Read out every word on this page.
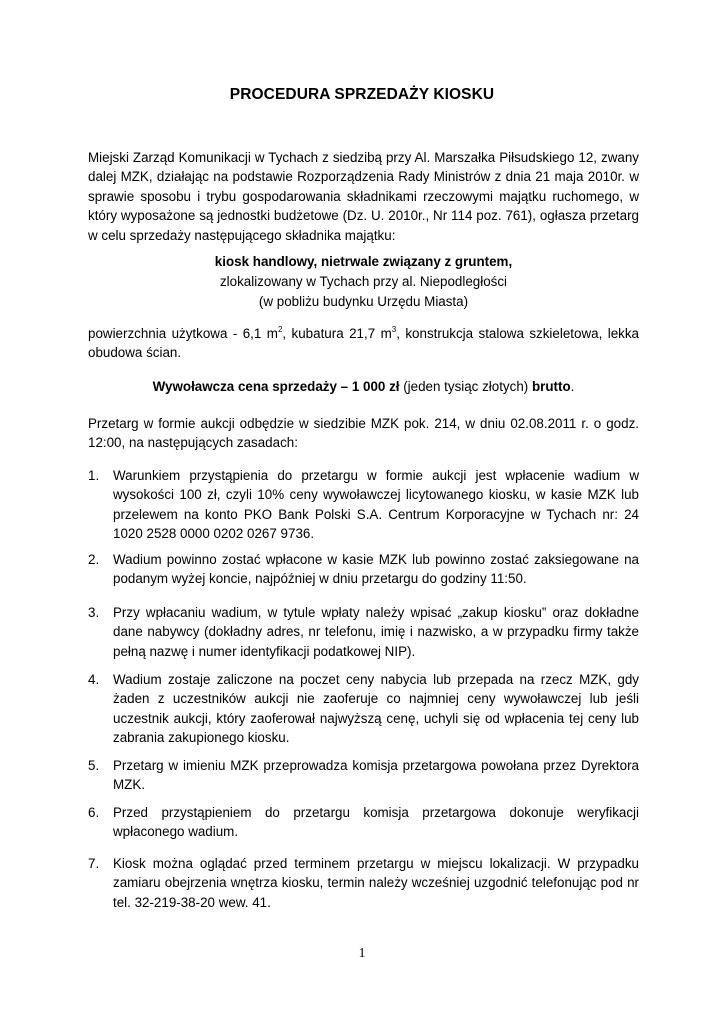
PROCEDURA SPRZEDAŻY KIOSKU

Miejski Zarząd Komunikacji w Tychach z siedzibą przy Al. Marszałka Piłsudskiego 12, zwany dalej MZK, działając na podstawie Rozporządzenia Rady Ministrów z dnia 21 maja 2010r. w sprawie sposobu i trybu gospodarowania składnikami rzeczowymi majątku ruchomego, w który wyposażone są jednostki budżetowe (Dz. U. 2010r., Nr 114 poz. 761), ogłasza przetarg w celu sprzedaży następującego składnika majątku:

kiosk handlowy, nietrwale związany z gruntem,
zlokalizowany w Tychach przy al. Niepodległości
(w pobliżu budynku Urzędu Miasta)

powierzchnia użytkowa - 6,1 $m^2$, kubatura 21,7 $m^3$, konstrukcja stalowa szkieletowa, lekka obudowa ścian.

Wywoławcza cena sprzedaży – 1 000 zł (jeden tysiąc złotych) brutto.

Przetarg w formie aukcji odbędzie w siedzibie MZK pok. 214, w dniu 02.08.2011 r. o godz. 12:00, na następujących zasadach:

1.	Warunkiem przystąpienia do przetargu w formie aukcji jest wpłacenie wadium w wysokości 100 zł, czyli 10% ceny wywoławczej licytowanego kiosku, w kasie MZK lub przelewem na konto PKO Bank Polski S.A. Centrum Korporacyjne w Tychach nr: 24 1020 2528 0000 0202 0267 9736.
2.	Wadium powinno zostać wpłacone w kasie MZK lub powinno zostać zaksiegowane na podanym wyżej koncie, najpóźniej w dniu przetargu do godziny 11:50.
3.	Przy wpłacaniu wadium, w tytule wpłaty należy wpisać „zakup kiosku” oraz dokładne dane nabywcy (dokładny adres, nr telefonu, imię i nazwisko, a w przypadku firmy także pełną nazwę i numer identyfikacji podatkowej NIP).
4.	Wadium zostaje zaliczone na poczet ceny nabycia lub przepada na rzecz MZK, gdy żaden z uczestników aukcji nie zaoferuje co najmniej ceny wywoławczej lub jeśli uczestnik aukcji, który zaoferował najwyższą cenę, uchyli się od wpłacenia tej ceny lub zabrania zakupionego kiosku.
5.	Przetarg w imieniu MZK przeprowadza komisja przetargowa powołana przez Dyrektora MZK.
6.	Przed przystąpieniem do przetargu komisja przetargowa dokonuje weryfikacji wpłaconego wadium.
7.	Kiosk można oglądać przed terminem przetargu w miejscu lokalizacji. W przypadku zamiaru obejrzenia wnętrza kiosku, termin należy wcześniej uzgodnić telefonując pod nr tel. 32-219-38-20 wew. 41.
1
